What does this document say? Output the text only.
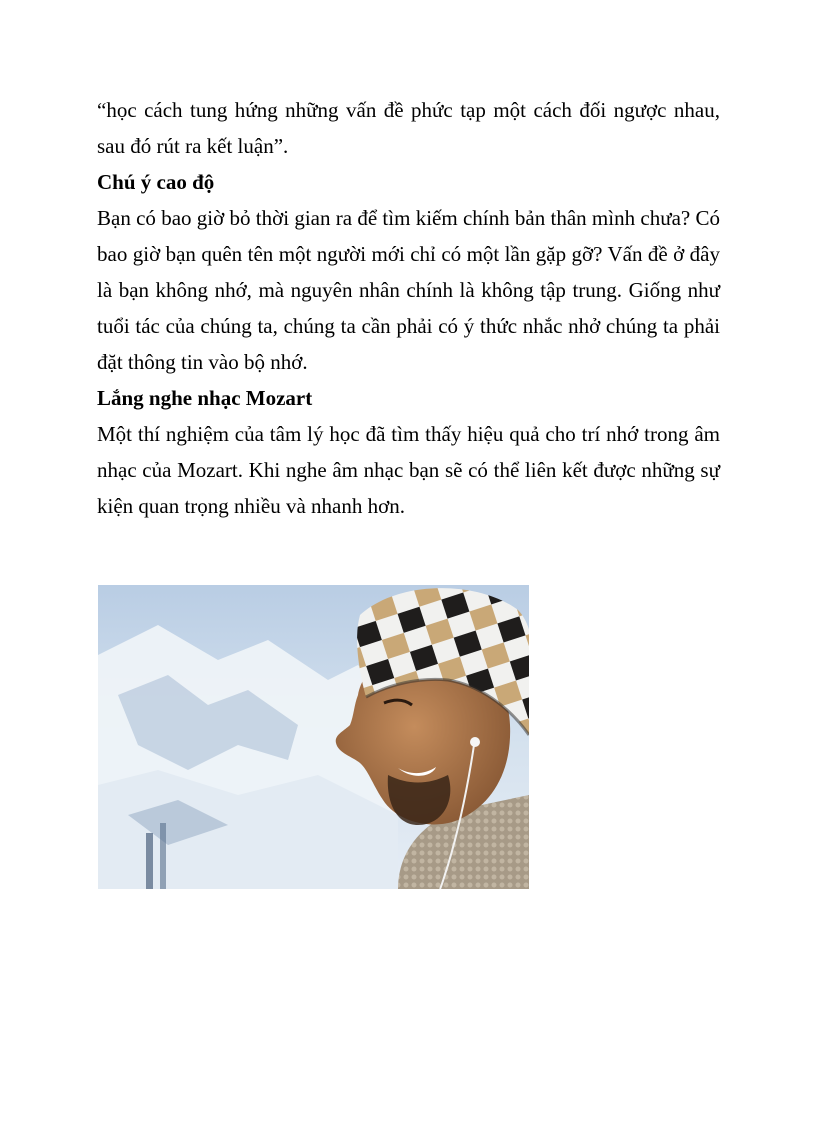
“học cách tung hứng những vấn đề phức tạp một cách đối ngược nhau, sau đó rút ra kết luận”.

Chú ý cao độ

Bạn có bao giờ bỏ thời gian ra để tìm kiếm chính bản thân mình chưa? Có bao giờ bạn quên tên một người mới chỉ có một lần gặp gỡ? Vấn đề ở đây là bạn không nhớ, mà nguyên nhân chính là không tập trung. Giống như tuổi tác của chúng ta, chúng ta cần phải có ý thức nhắc nhở chúng ta phải đặt thông tin vào bộ nhớ.

Lắng nghe nhạc Mozart

Một thí nghiệm của tâm lý học đã tìm thấy hiệu quả cho trí nhớ trong âm nhạc của Mozart. Khi nghe âm nhạc bạn sẽ có thể liên kết được những sự kiện quan trọng nhiều và nhanh hơn.
